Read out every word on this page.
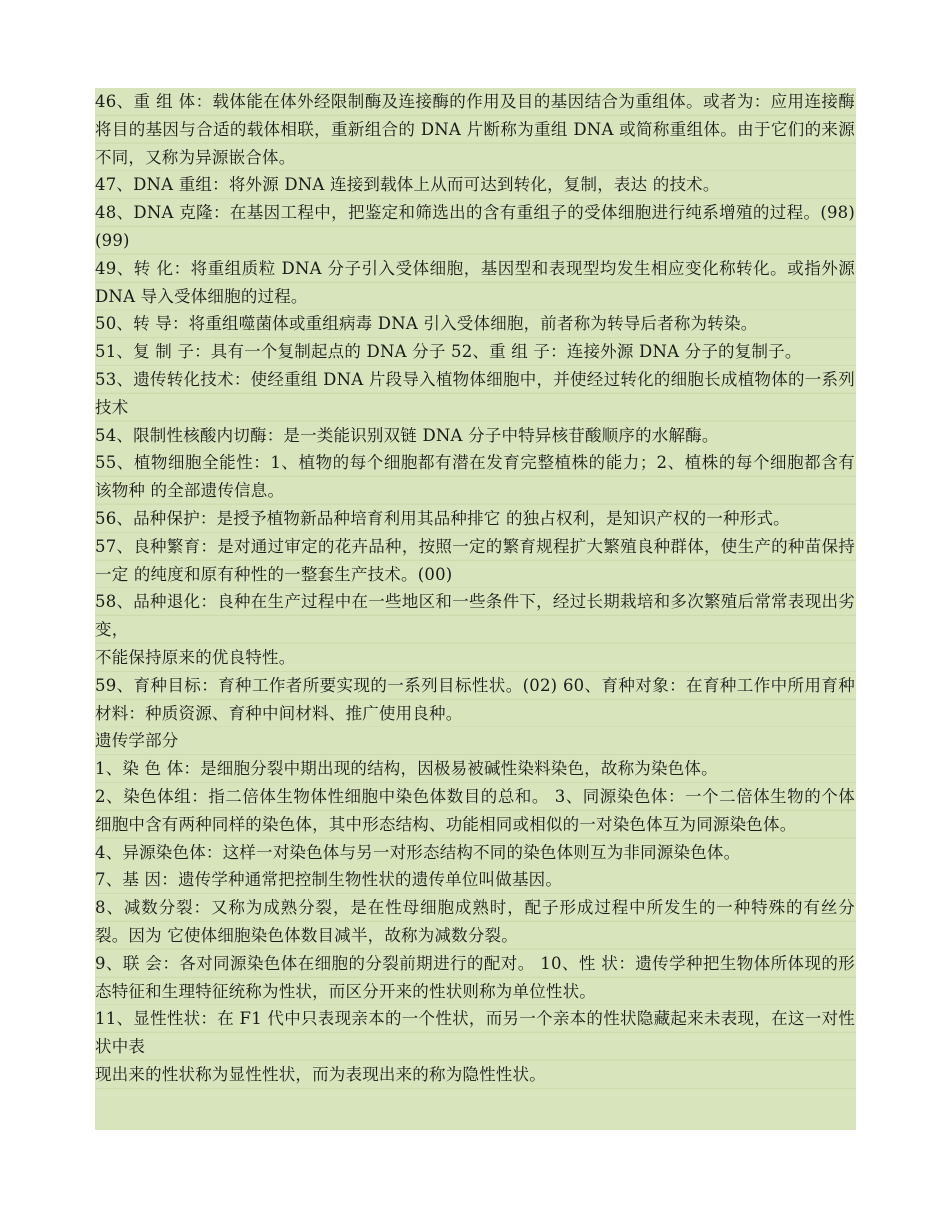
46、重 组 体：载体能在体外经限制酶及连接酶的作用及目的基因结合为重组体。或者为：应用连接酶将目的基因与合适的载体相联，重新组合的 DNA 片断称为重组 DNA 或简称重组体。由于它们的来源不同，又称为异源嵌合体。

47、DNA 重组：将外源 DNA 连接到载体上从而可达到转化，复制，表达 的技术。

48、DNA 克隆：在基因工程中，把鉴定和筛选出的含有重组子的受体细胞进行纯系增殖的过程。(98) (99)

49、转 化：将重组质粒 DNA 分子引入受体细胞，基因型和表现型均发生相应变化称转化。或指外源 DNA 导入受体细胞的过程。

50、转 导：将重组噬菌体或重组病毒 DNA 引入受体细胞，前者称为转导后者称为转染。

51、复 制 子：具有一个复制起点的 DNA 分子 52、重 组 子：连接外源 DNA 分子的复制子。

53、遗传转化技术：使经重组 DNA 片段导入植物体细胞中，并使经过转化的细胞长成植物体的一系列技术

54、限制性核酸内切酶：是一类能识别双链 DNA 分子中特异核苷酸顺序的水解酶。

55、植物细胞全能性：1、植物的每个细胞都有潜在发育完整植株的能力；2、植株的每个细胞都含有该物种 的全部遗传信息。

56、品种保护：是授予植物新品种培育利用其品种排它 的独占权利，是知识产权的一种形式。

57、良种繁育：是对通过审定的花卉品种，按照一定的繁育规程扩大繁殖良种群体，使生产的种苗保持一定 的纯度和原有种性的一整套生产技术。(00)

58、品种退化：良种在生产过程中在一些地区和一些条件下，经过长期栽培和多次繁殖后常常表现出劣变，

不能保持原来的优良特性。

59、育种目标：育种工作者所要实现的一系列目标性状。(02) 60、育种对象：在育种工作中所用育种材料：种质资源、育种中间材料、推广使用良种。

遗传学部分

1、染 色 体：是细胞分裂中期出现的结构，因极易被碱性染料染色，故称为染色体。

2、染色体组：指二倍体生物体性细胞中染色体数目的总和。 3、同源染色体：一个二倍体生物的个体细胞中含有两种同样的染色体，其中形态结构、功能相同或相似的一对染色体互为同源染色体。

4、异源染色体：这样一对染色体与另一对形态结构不同的染色体则互为非同源染色体。

7、基 因：遗传学种通常把控制生物性状的遗传单位叫做基因。

8、减数分裂：又称为成熟分裂，是在性母细胞成熟时，配子形成过程中所发生的一种特殊的有丝分裂。因为 它使体细胞染色体数目减半，故称为减数分裂。

9、联 会：各对同源染色体在细胞的分裂前期进行的配对。 10、性 状：遗传学种把生物体所体现的形态特征和生理特征统称为性状，而区分开来的性状则称为单位性状。

11、显性性状：在 F1 代中只表现亲本的一个性状，而另一个亲本的性状隐藏起来未表现，在这一对性状中表

现出来的性状称为显性性状，而为表现出来的称为隐性性状。
